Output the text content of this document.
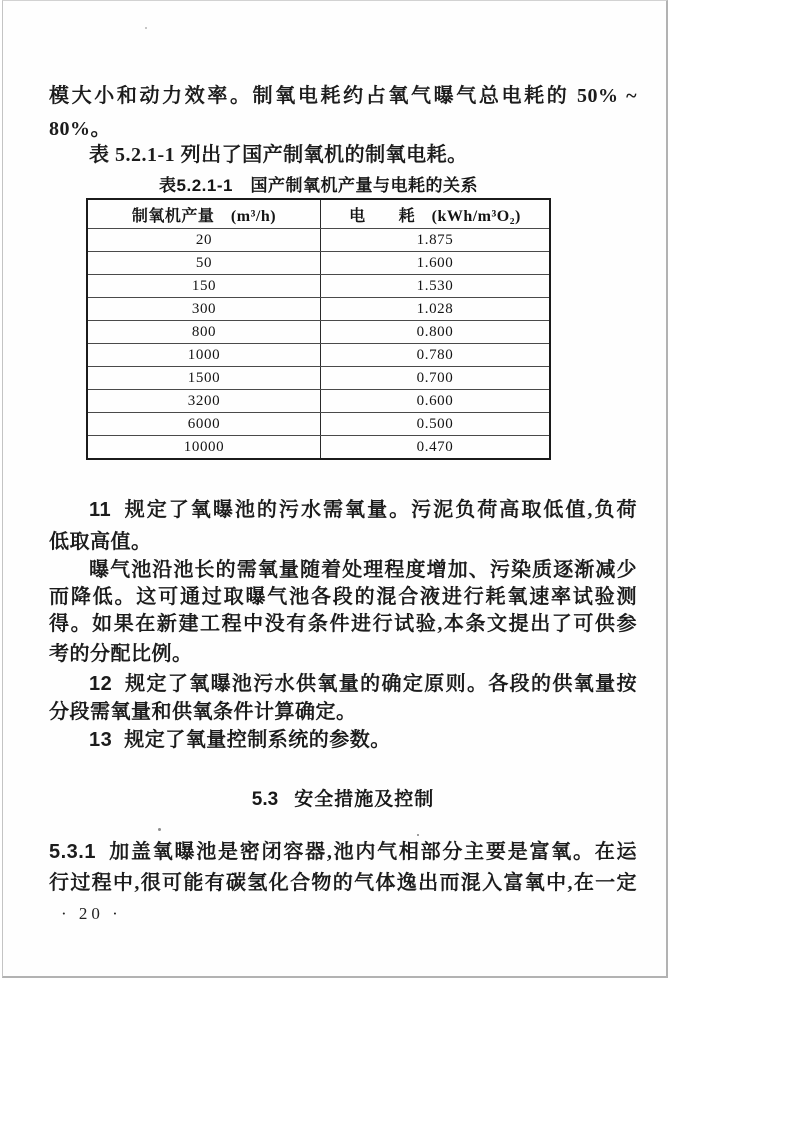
模大小和动力效率。制氧电耗约占氧气曝气总电耗的 50% ~
80%。
表 5.2.1-1 列出了国产制氧机的制氧电耗。
表5.2.1-1　国产制氧机产量与电耗的关系
制氧机产量　(m³/h)	电　　耗　(kWh/m³O₂)
20	1.875
50	1.600
150	1.530
300	1.028
800	0.800
1000	0.780
1500	0.700
3200	0.600
6000	0.500
10000	0.470
11 规定了氧曝池的污水需氧量。污泥负荷高取低值,负荷
低取高值。
曝气池沿池长的需氧量随着处理程度增加、污染质逐渐减少
而降低。这可通过取曝气池各段的混合液进行耗氧速率试验测
得。如果在新建工程中没有条件进行试验,本条文提出了可供参
考的分配比例。
12 规定了氧曝池污水供氧量的确定原则。各段的供氧量按
分段需氧量和供氧条件计算确定。
13 规定了氧量控制系统的参数。
5.3 安全措施及控制
5.3.1 加盖氧曝池是密闭容器,池内气相部分主要是富氧。在运
行过程中,很可能有碳氢化合物的气体逸出而混入富氧中,在一定
· 20 ·
